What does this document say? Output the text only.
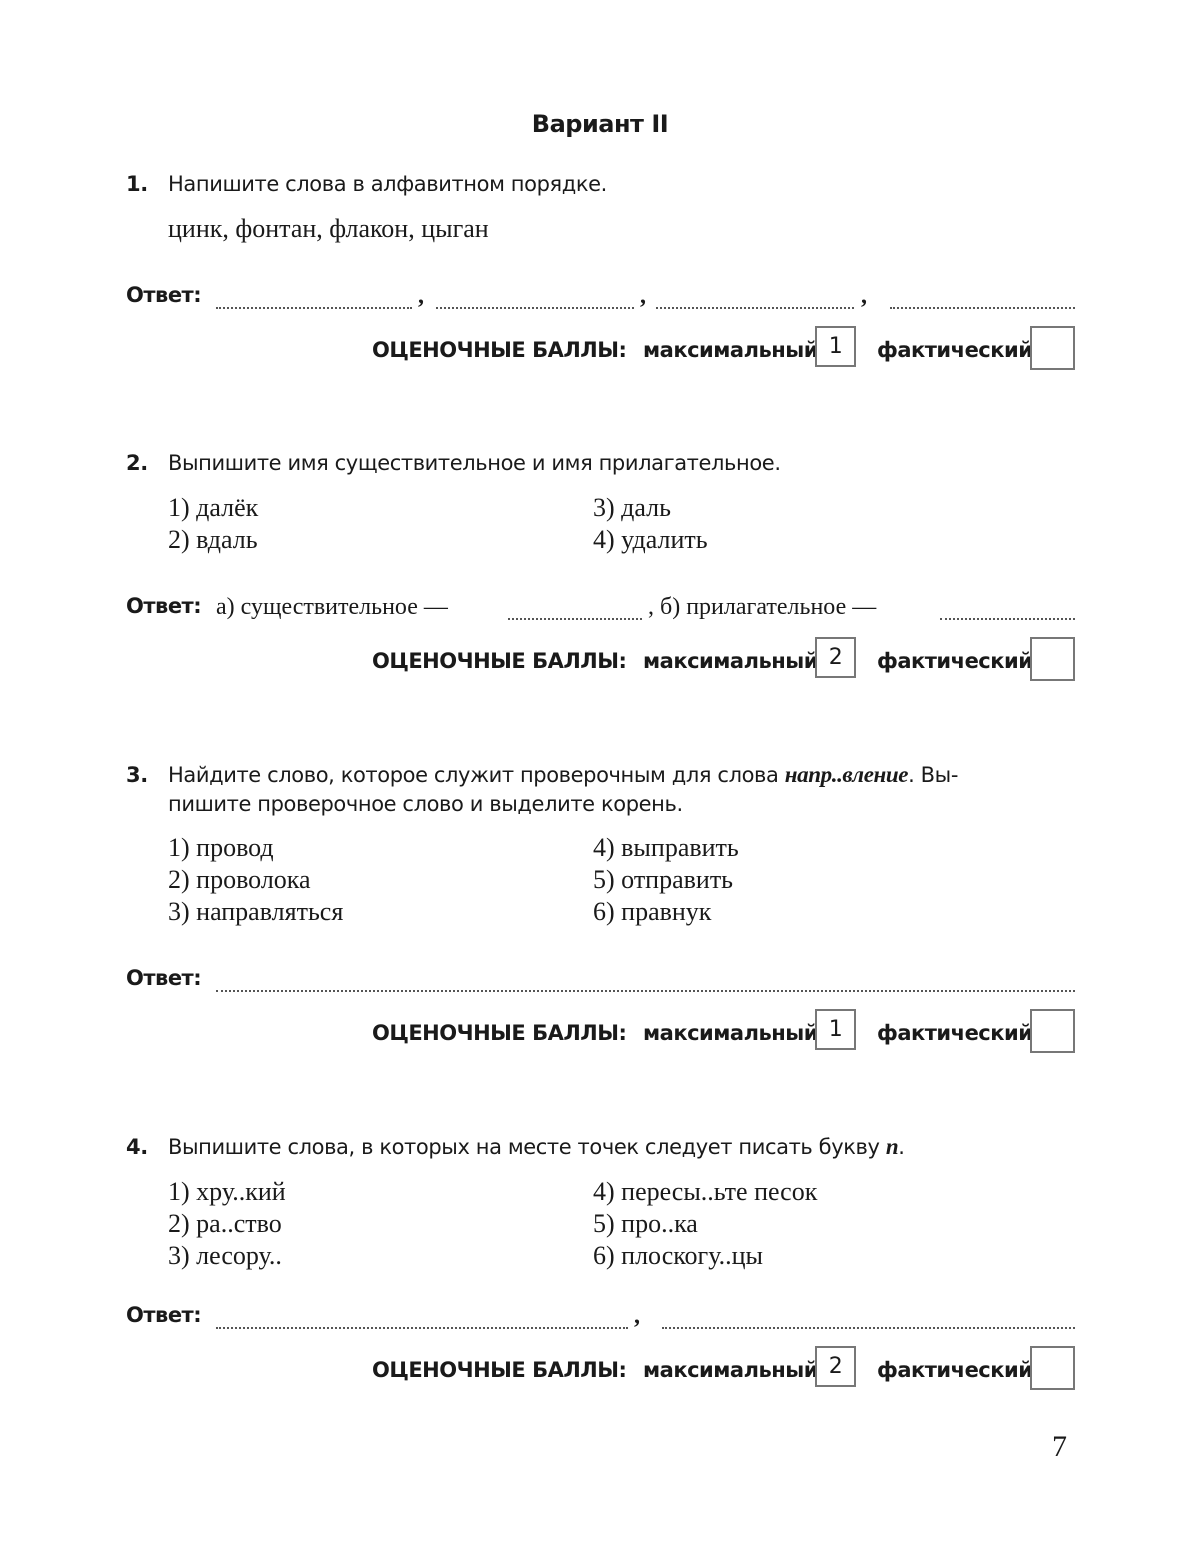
Вариант II
1. Напишите слова в алфавитном порядке.
цинк, фонтан, флакон, цыган
Ответ:	,	,	,
ОЦЕНОЧНЫЕ БАЛЛЫ: максимальный 1	фактический
2. Выпишите имя существительное и имя прилагательное.
1) далёк
2) вдаль
3) даль
4) удалить
Ответ: а) существительное —	, б) прилагательное —
ОЦЕНОЧНЫЕ БАЛЛЫ: максимальный 2	фактический
3. Найдите слово, которое служит проверочным для слова напр..вление. Вы-
пишите проверочное слово и выделите корень.
1) провод
2) проволока
3) направляться
4) выправить
5) отправить
6) правнук
Ответ:
ОЦЕНОЧНЫЕ БАЛЛЫ: максимальный 1	фактический
4. Выпишите слова, в которых на месте точек следует писать букву п.
1) хру..кий
2) ра..ство
3) лесору..
4) пересы..ьте песок
5) про..ка
6) плоскогу..цы
Ответ:	,
ОЦЕНОЧНЫЕ БАЛЛЫ: максимальный 2	фактический
7
